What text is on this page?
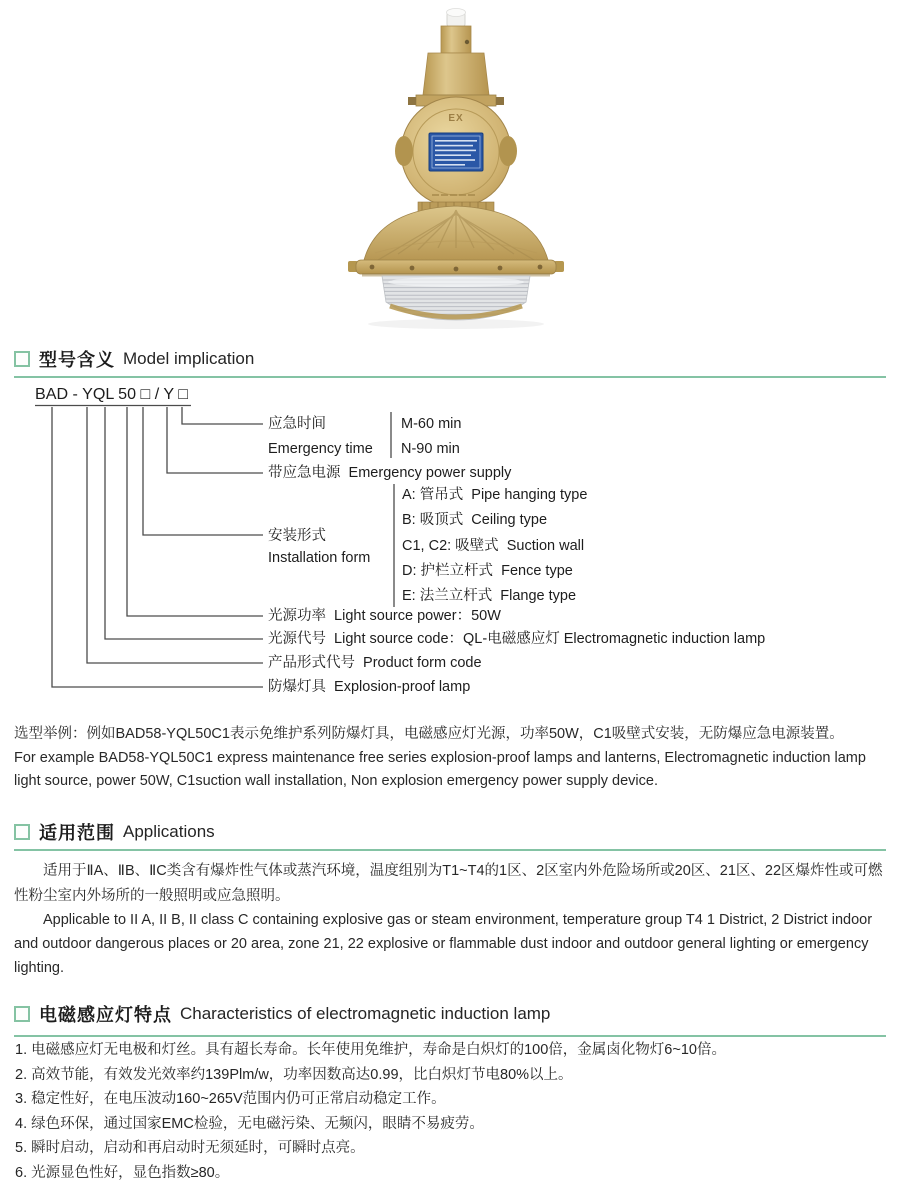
EX
型号含义 Model implication
BAD - YQL 50 □ / Y □
应急时间
Emergency time
M-60 min
N-90 min
带应急电源  Emergency power supply
安装形式
Installation form
A: 管吊式  Pipe hanging type
B: 吸顶式  Ceiling type
C1, C2: 吸壁式  Suction wall
D: 护栏立杆式  Fence type
E: 法兰立杆式  Flange type
光源功率  Light source power：50W
光源代号  Light source code：QL-电磁感应灯 Electromagnetic induction lamp
产品形式代号  Product form code
防爆灯具  Explosion-proof lamp

选型举例：例如BAD58-YQL50C1表示免维护系列防爆灯具，电磁感应灯光源，功率50W，C1吸壁式安装，无防爆应急电源装置。

For example BAD58-YQL50C1 express maintenance free series explosion-proof lamps and lanterns, Electromagnetic induction lamp light source, power 50W, C1suction wall installation, Non explosion emergency power supply device.

适用范围 Applications

适用于ⅡA、ⅡB、ⅡC类含有爆炸性气体或蒸汽环境，温度组别为T1~T4的1区、2区室内外危险场所或20区、21区、22区爆炸性或可燃性粉尘室内外场所的一般照明或应急照明。

Applicable to II A, II B, II class C containing explosive gas or steam environment, temperature group T4 1 District, 2 District indoor and outdoor dangerous places or 20 area, zone 21, 22 explosive or flammable dust indoor and outdoor general lighting or emergency lighting.

电磁感应灯特点 Characteristics of electromagnetic induction lamp
1. 电磁感应灯无电极和灯丝。具有超长寿命。长年使用免维护，寿命是白炽灯的100倍，金属卤化物灯6~10倍。
2. 高效节能，有效发光效率约139Plm/w，功率因数高达0.99，比白炽灯节电80%以上。
3. 稳定性好，在电压波动160~265V范围内仍可正常启动稳定工作。
4. 绿色环保，通过国家EMC检验，无电磁污染、无频闪，眼睛不易疲劳。
5. 瞬时启动，启动和再启动时无须延时，可瞬时点亮。
6. 光源显色性好，显色指数≥80。
